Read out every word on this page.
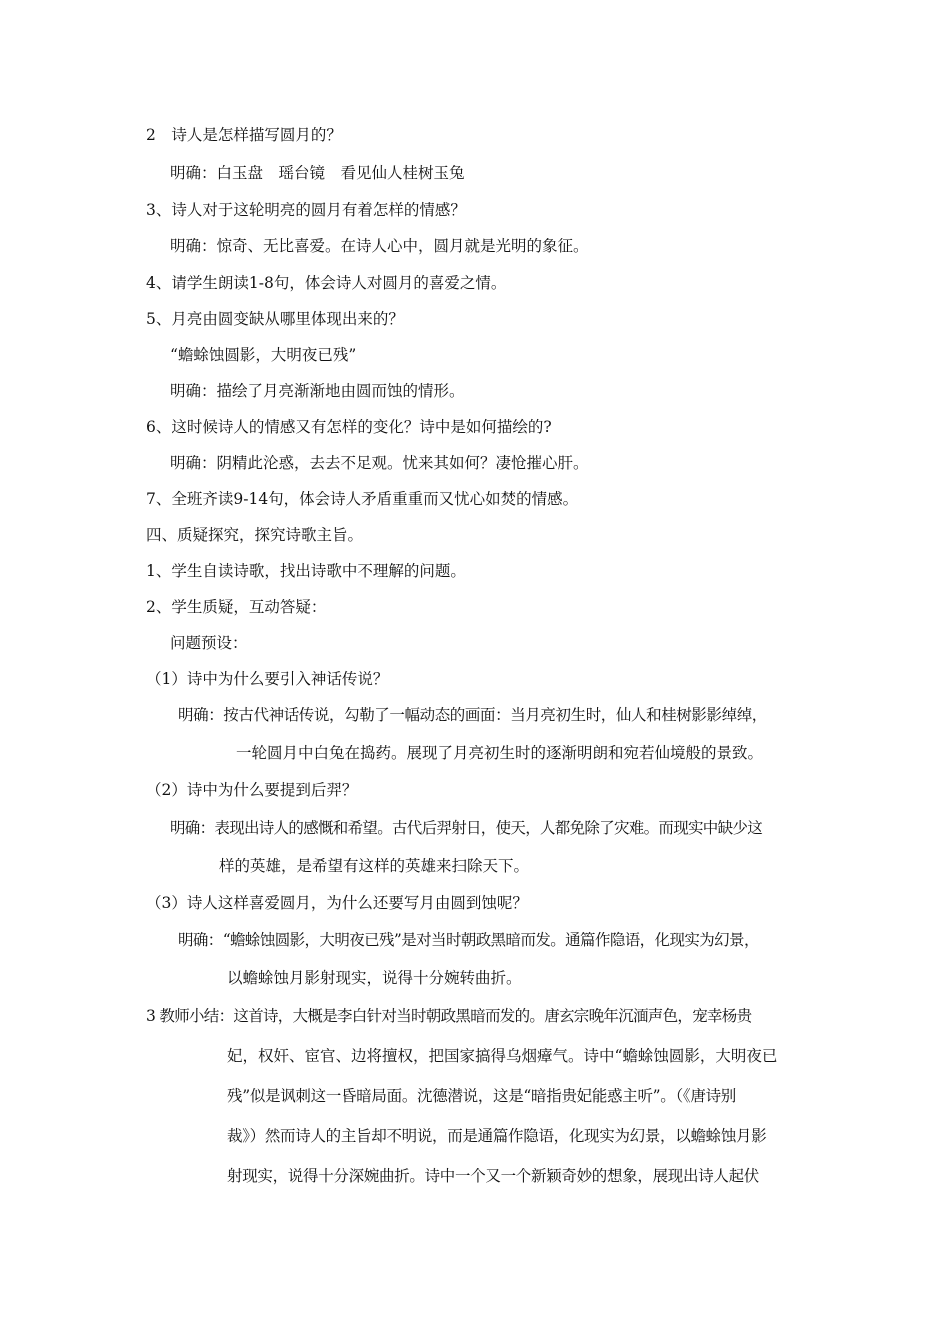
2　诗人是怎样描写圆月的？
明确：白玉盘　瑶台镜　看见仙人桂树玉兔
3、诗人对于这轮明亮的圆月有着怎样的情感？
明确：惊奇、无比喜爱。在诗人心中，圆月就是光明的象征。
4、请学生朗读1-8句，体会诗人对圆月的喜爱之情。
5、月亮由圆变缺从哪里体现出来的？
“蟾蜍蚀圆影，大明夜已残”
明确：描绘了月亮渐渐地由圆而蚀的情形。
6、这时候诗人的情感又有怎样的变化？诗中是如何描绘的?
明确：阴精此沦惑，去去不足观。忧来其如何？凄怆摧心肝。
7、全班齐读9-14句，体会诗人矛盾重重而又忧心如焚的情感。
四、质疑探究，探究诗歌主旨。
1、学生自读诗歌，找出诗歌中不理解的问题。
2、学生质疑，互动答疑：
问题预设：
（1）诗中为什么要引入神话传说？
明确：按古代神话传说，勾勒了一幅动态的画面：当月亮初生时，仙人和桂树影影绰绰，
一轮圆月中白兔在捣药。展现了月亮初生时的逐渐明朗和宛若仙境般的景致。
（2）诗中为什么要提到后羿？
明确：表现出诗人的感慨和希望。古代后羿射日，使天，人都免除了灾难。而现实中缺少这
样的英雄，是希望有这样的英雄来扫除天下。
（3）诗人这样喜爱圆月，为什么还要写月由圆到蚀呢？
明确：“蟾蜍蚀圆影，大明夜已残”是对当时朝政黑暗而发。通篇作隐语，化现实为幻景，
以蟾蜍蚀月影射现实，说得十分婉转曲折。
3 教师小结：这首诗，大概是李白针对当时朝政黑暗而发的。唐玄宗晚年沉湎声色，宠幸杨贵
妃，权奸、宦官、边将擅权，把国家搞得乌烟瘴气。诗中“蟾蜍蚀圆影，大明夜已
残”似是讽刺这一昏暗局面。沈德潜说，这是“暗指贵妃能惑主听”。（《唐诗别
裁》）然而诗人的主旨却不明说，而是通篇作隐语，化现实为幻景，以蟾蜍蚀月影
射现实，说得十分深婉曲折。诗中一个又一个新颖奇妙的想象，展现出诗人起伏
